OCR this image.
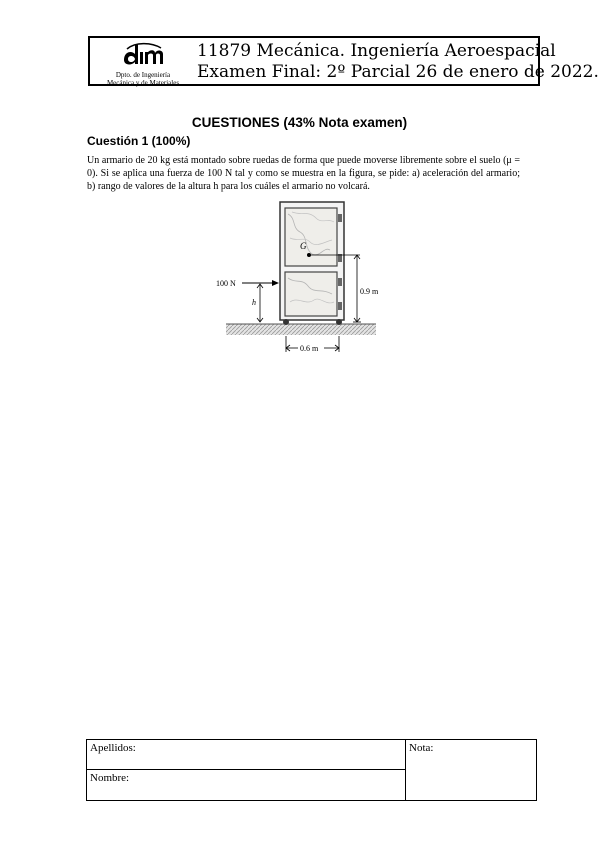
Dpto. de Ingeniería
Mecánica y de Materiales
11879 Mecánica. Ingeniería Aeroespacial
Examen Final: 2º Parcial 26 de enero de 2022.
CUESTIONES (43% Nota examen)
Cuestión 1 (100%)
Un armario de 20 kg está montado sobre ruedas de forma que puede moverse libremente sobre el suelo (μ = 0). Si se aplica una fuerza de 100 N tal y como se muestra en la figura, se pide: a) aceleración del armario; b) rango de valores de la altura h para los cuáles el armario no volcará.
G
0.9 m
100 N
h
0.6 m
Apellidos:
Nombre:
Nota:
